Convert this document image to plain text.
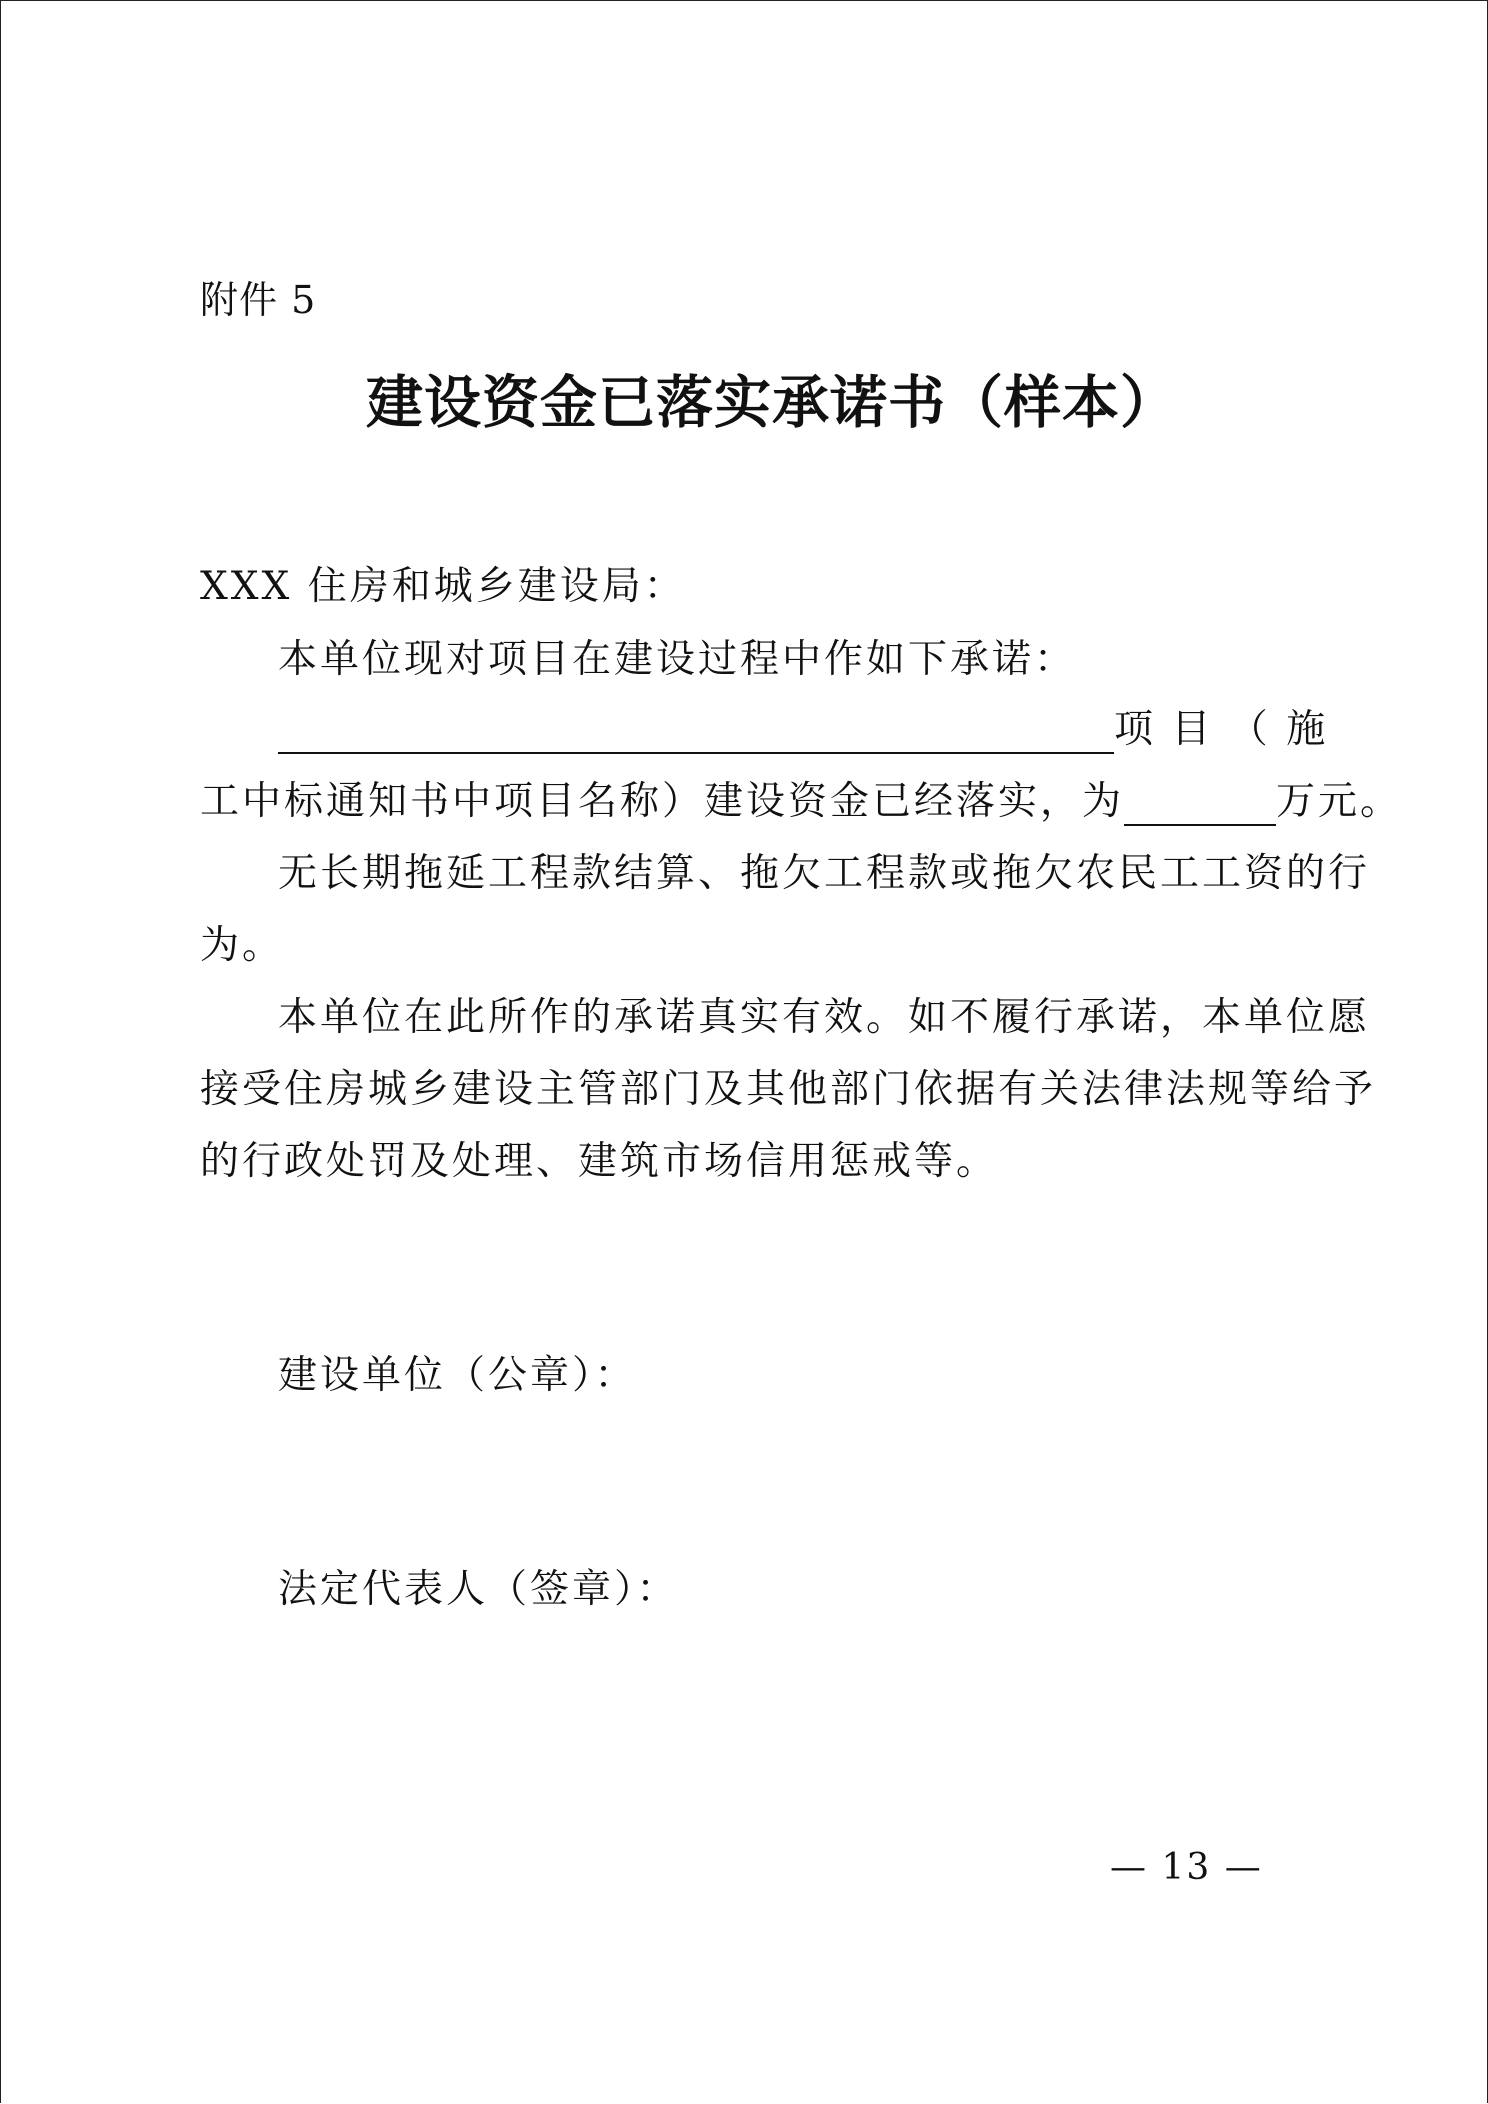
附件 5
建设资金已落实承诺书（样本）
XXX 住房和城乡建设局：
本单位现对项目在建设过程中作如下承诺：
项 目 （ 施
工中标通知书中项目名称）建设资金已经落实，为	万元。
无长期拖延工程款结算、拖欠工程款或拖欠农民工工资的行
为。
本单位在此所作的承诺真实有效。如不履行承诺，本单位愿
接受住房城乡建设主管部门及其他部门依据有关法律法规等给予
的行政处罚及处理、建筑市场信用惩戒等。
建设单位（公章）：
法定代表人（签章）：
— 13 —
